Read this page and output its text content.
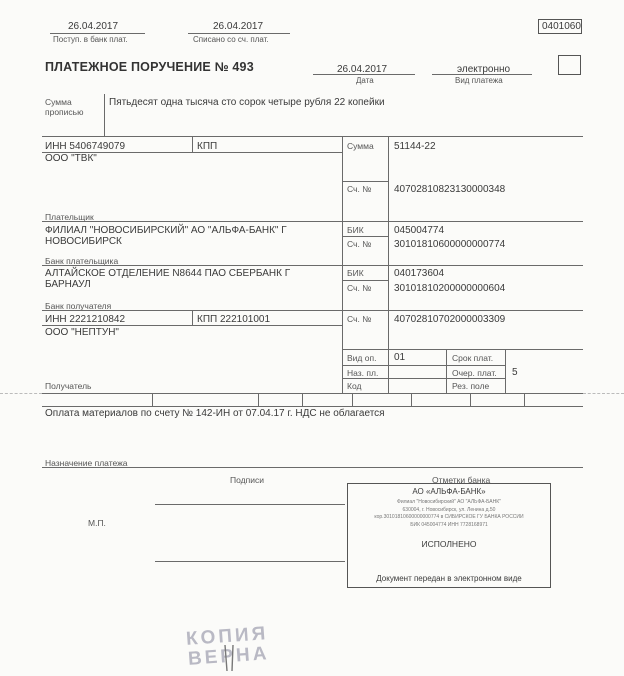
26.04.2017
Поступ. в банк плат.
26.04.2017
Списано со сч. плат.
0401060
ПЛАТЕЖНОЕ ПОРУЧЕНИЕ № 493	26.04.2017
Дата
электронно
Вид платежа
Сумма
прописью
Пятьдесят одна тысяча сто сорок четыре рубля 22 копейки
ИНН 5406749079	КПП
ООО "ТВК"
Плательщик
Сумма 51144-22
Сч. № 40702810823130000348
ФИЛИАЛ "НОВОСИБИРСКИЙ" АО "АЛЬФА-БАНК" Г
НОВОСИБИРСК
Банк плательщика
БИК	045004774
Сч. № 30101810600000000774
АЛТАЙСКОЕ ОТДЕЛЕНИЕ N8644 ПАО СБЕРБАНК Г
БАРНАУЛ
Банк получателя
БИК	040173604
Сч. № 30101810200000000604
ИНН 2221210842	КПП 222101001
ООО "НЕПТУН"
Сч. № 40702810702000003309
Вид оп. 01
Наз. пл.
Код
Срок плат.
Очер. плат. 5
Рез. поле
Получатель
Оплата материалов по счету № 142-ИН от 07.04.17 г. НДС не облагается
Назначение платежа
Подписи
М.П.
Отметки банка
АО «АЛЬФА-БАНК»
Филиал "Новосибирский" АО "АЛЬФА-БАНК"
630004, г. Новосибирск, ул. Ленина д.50
кор.30101810600000000774 в СИБИРСКОЕ ГУ БАНКА РОССИИ
БИК 045004774 ИНН 7728168971
ИСПОЛНЕНО
Документ передан в электронном виде
КОПИЯ
ВЕРНА
